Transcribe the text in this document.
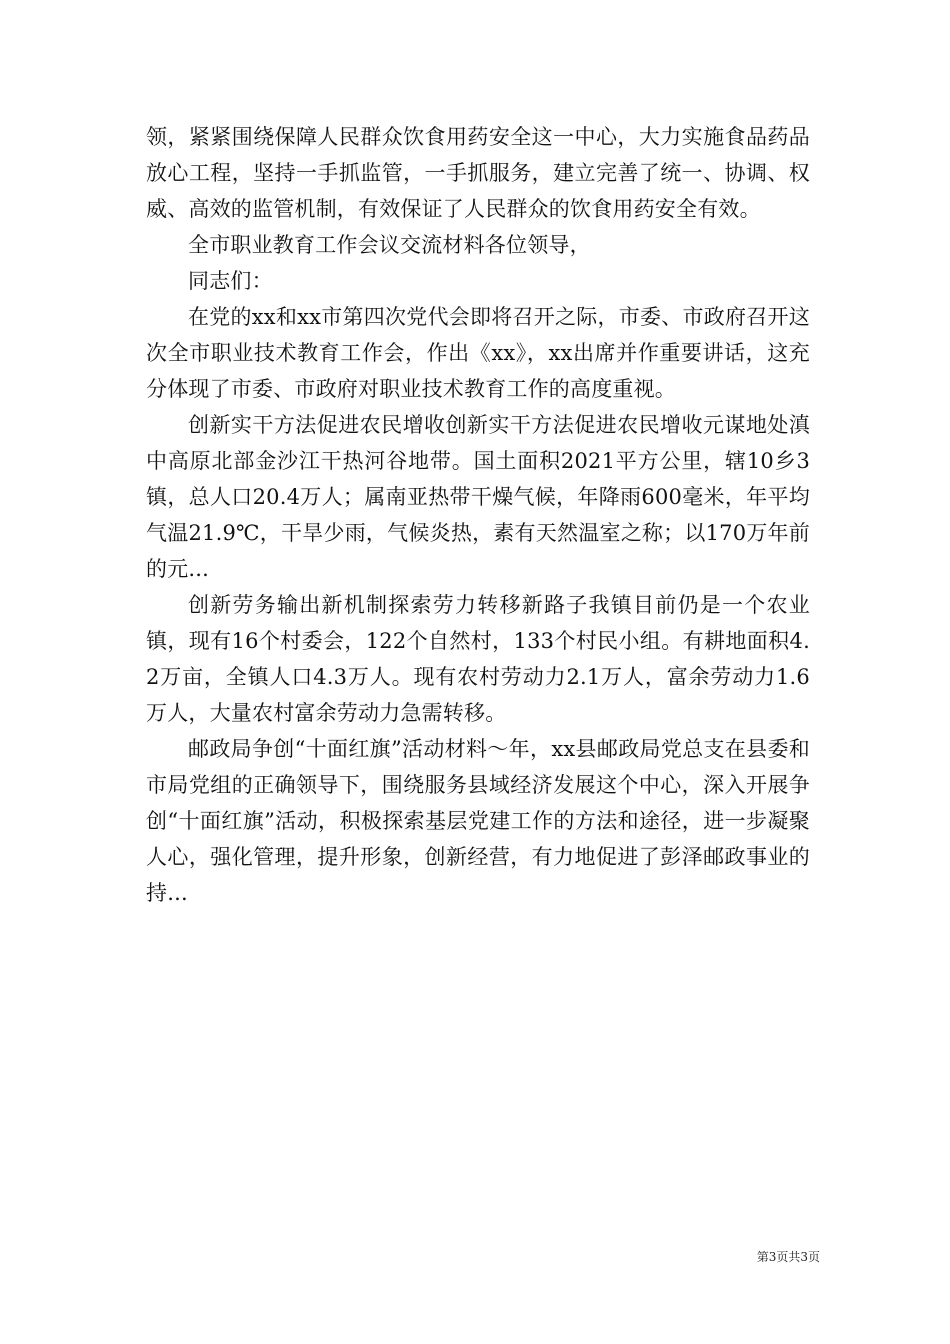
领，紧紧围绕保障人民群众饮食用药安全这一中心，大力实施食品药品放心工程，坚持一手抓监管，一手抓服务，建立完善了统一、协调、权威、高效的监管机制，有效保证了人民群众的饮食用药安全有效。

全市职业教育工作会议交流材料各位领导，

同志们：

在党的xx和xx市第四次党代会即将召开之际，市委、市政府召开这次全市职业技术教育工作会，作出《xx》，xx出席并作重要讲话，这充分体现了市委、市政府对职业技术教育工作的高度重视。

创新实干方法促进农民增收创新实干方法促进农民增收元谋地处滇中高原北部金沙江干热河谷地带。国土面积2021平方公里，辖10乡3镇，总人口20.4万人；属南亚热带干燥气候，年降雨600毫米，年平均气温21.9℃，干旱少雨，气候炎热，素有天然温室之称；以170万年前的元...

创新劳务输出新机制探索劳力转移新路子我镇目前仍是一个农业镇，现有16个村委会，122个自然村，133个村民小组。有耕地面积4.2万亩，全镇人口4.3万人。现有农村劳动力2.1万人，富余劳动力1.6万人，大量农村富余劳动力急需转移。

邮政局争创“十面红旗”活动材料～年，xx县邮政局党总支在县委和市局党组的正确领导下，围绕服务县域经济发展这个中心，深入开展争创“十面红旗”活动，积极探索基层党建工作的方法和途径，进一步凝聚人心，强化管理，提升形象，创新经营，有力地促进了彭泽邮政事业的持...

第3页共3页
